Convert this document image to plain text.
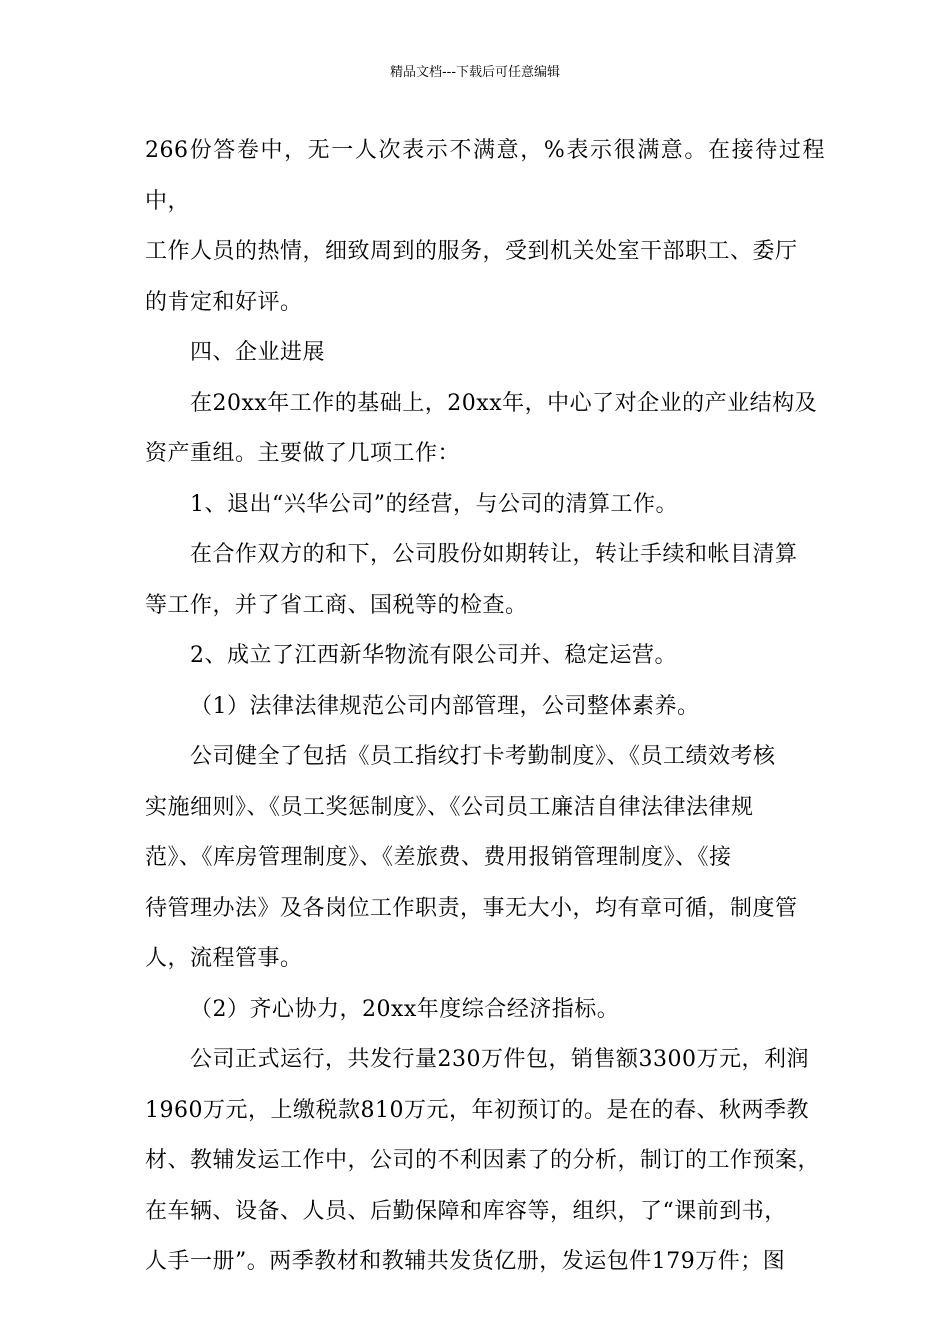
精品文档---下载后可任意编辑

266份答卷中，无一人次表示不满意，%表示很满意。在接待过程中，
工作人员的热情，细致周到的服务，受到机关处室干部职工、委厅
的肯定和好评。

四、企业进展

在20xx年工作的基础上，20xx年，中心了对企业的产业结构及
资产重组。主要做了几项工作：

1、退出“兴华公司”的经营，与公司的清算工作。

在合作双方的和下，公司股份如期转让，转让手续和帐目清算
等工作，并了省工商、国税等的检查。

2、成立了江西新华物流有限公司并、稳定运营。

（1）法律法律规范公司内部管理，公司整体素养。

公司健全了包括《员工指纹打卡考勤制度》、《员工绩效考核
实施细则》、《员工奖惩制度》、《公司员工廉洁自律法律法律规
范》、《库房管理制度》、《差旅费、费用报销管理制度》、《接
待管理办法》及各岗位工作职责，事无大小，均有章可循，制度管
人，流程管事。

（2）齐心协力，20xx年度综合经济指标。

公司正式运行，共发行量230万件包，销售额3300万元，利润
1960万元，上缴税款810万元，年初预订的。是在的春、秋两季教
材、教辅发运工作中，公司的不利因素了的分析，制订的工作预案，
在车辆、设备、人员、后勤保障和库容等，组织，了“课前到书，
人手一册”。两季教材和教辅共发货亿册，发运包件179万件；图
